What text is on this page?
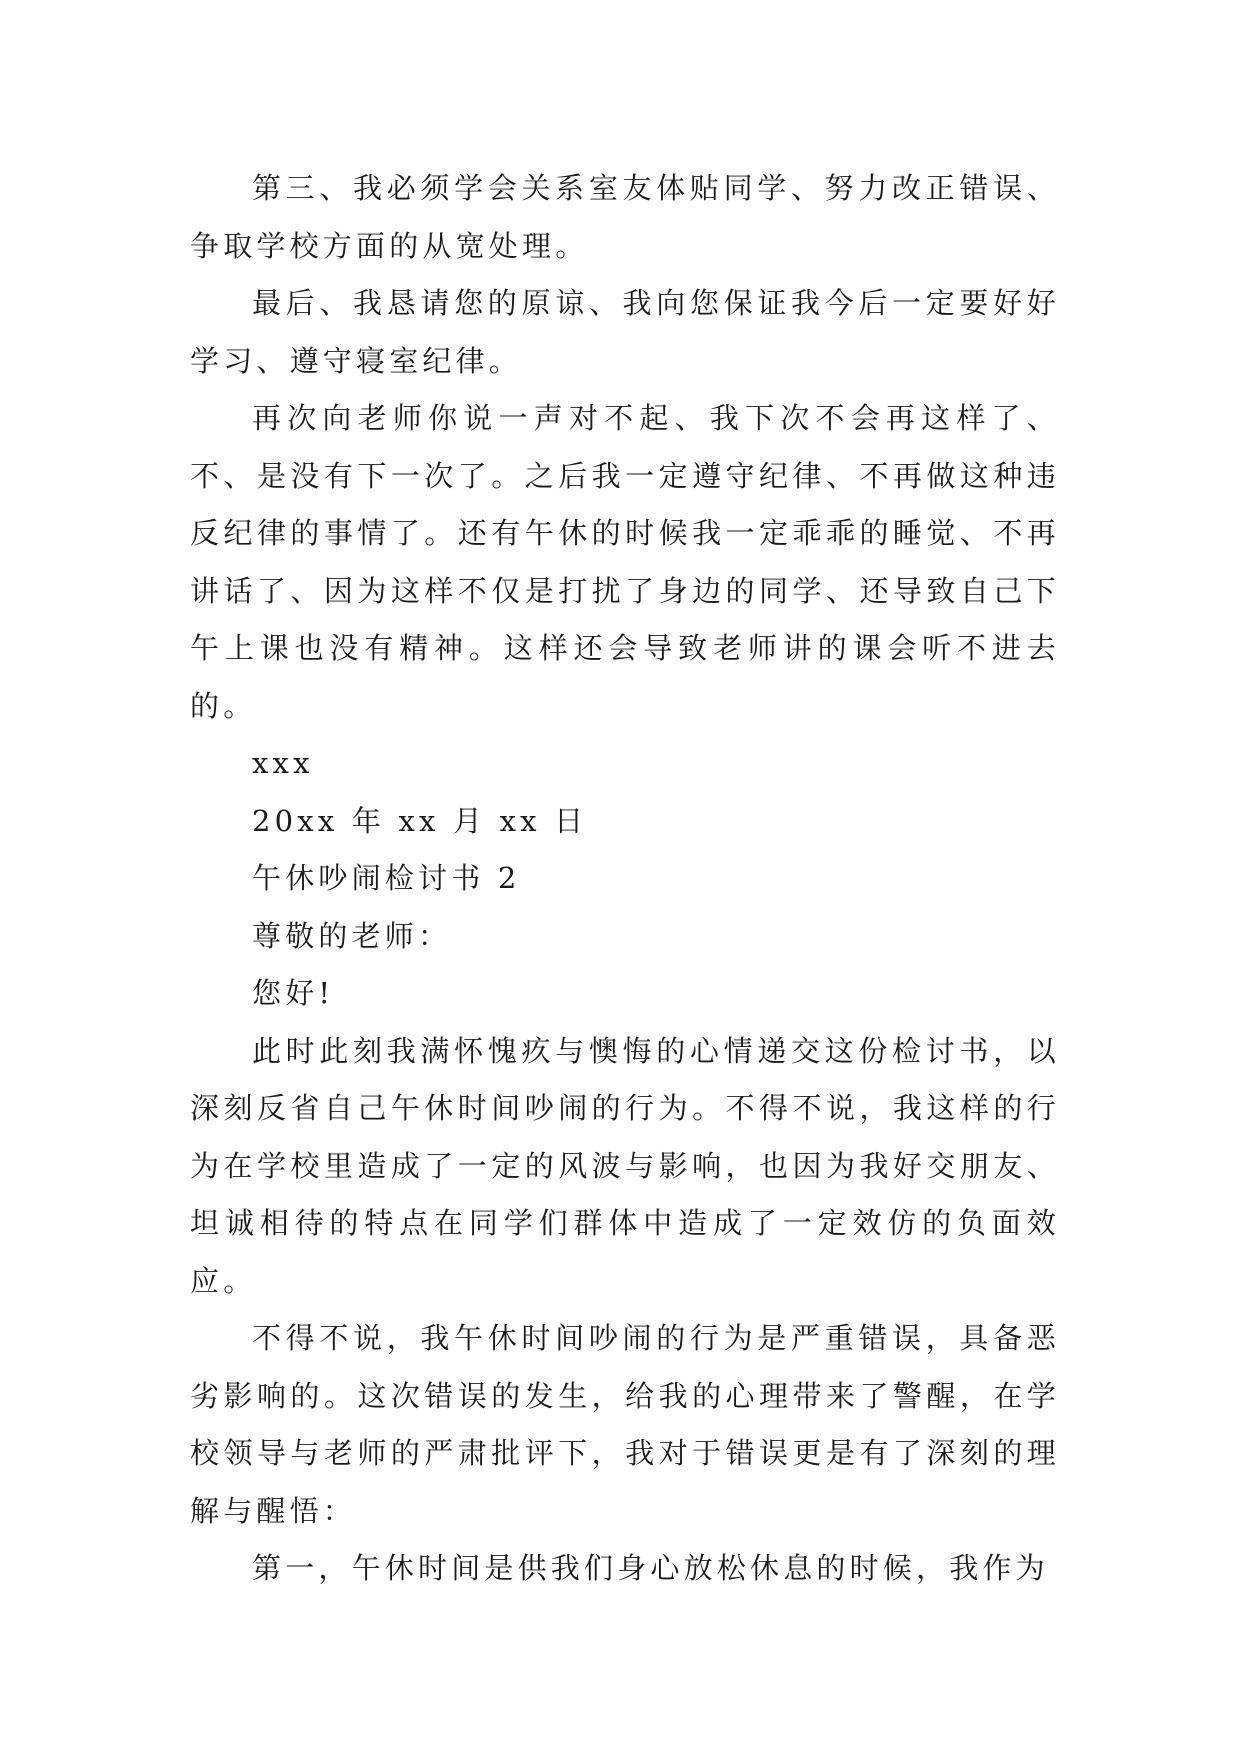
第三、我必须学会关系室友体贴同学、努力改正错误、争取学校方面的从宽处理。

最后、我恳请您的原谅、我向您保证我今后一定要好好学习、遵守寝室纪律。

再次向老师你说一声对不起、我下次不会再这样了、不、是没有下一次了。之后我一定遵守纪律、不再做这种违反纪律的事情了。还有午休的时候我一定乖乖的睡觉、不再讲话了、因为这样不仅是打扰了身边的同学、还导致自己下午上课也没有精神。这样还会导致老师讲的课会听不进去的。

xxx

20xx 年 xx 月 xx 日

午休吵闹检讨书 2

尊敬的老师：

您好!

此时此刻我满怀愧疚与懊悔的心情递交这份检讨书，以深刻反省自己午休时间吵闹的行为。不得不说，我这样的行为在学校里造成了一定的风波与影响，也因为我好交朋友、坦诚相待的特点在同学们群体中造成了一定效仿的负面效应。

不得不说，我午休时间吵闹的行为是严重错误，具备恶劣影响的。这次错误的发生，给我的心理带来了警醒，在学校领导与老师的严肃批评下，我对于错误更是有了深刻的理解与醒悟：

第一，午休时间是供我们身心放松休息的时候，我作为
